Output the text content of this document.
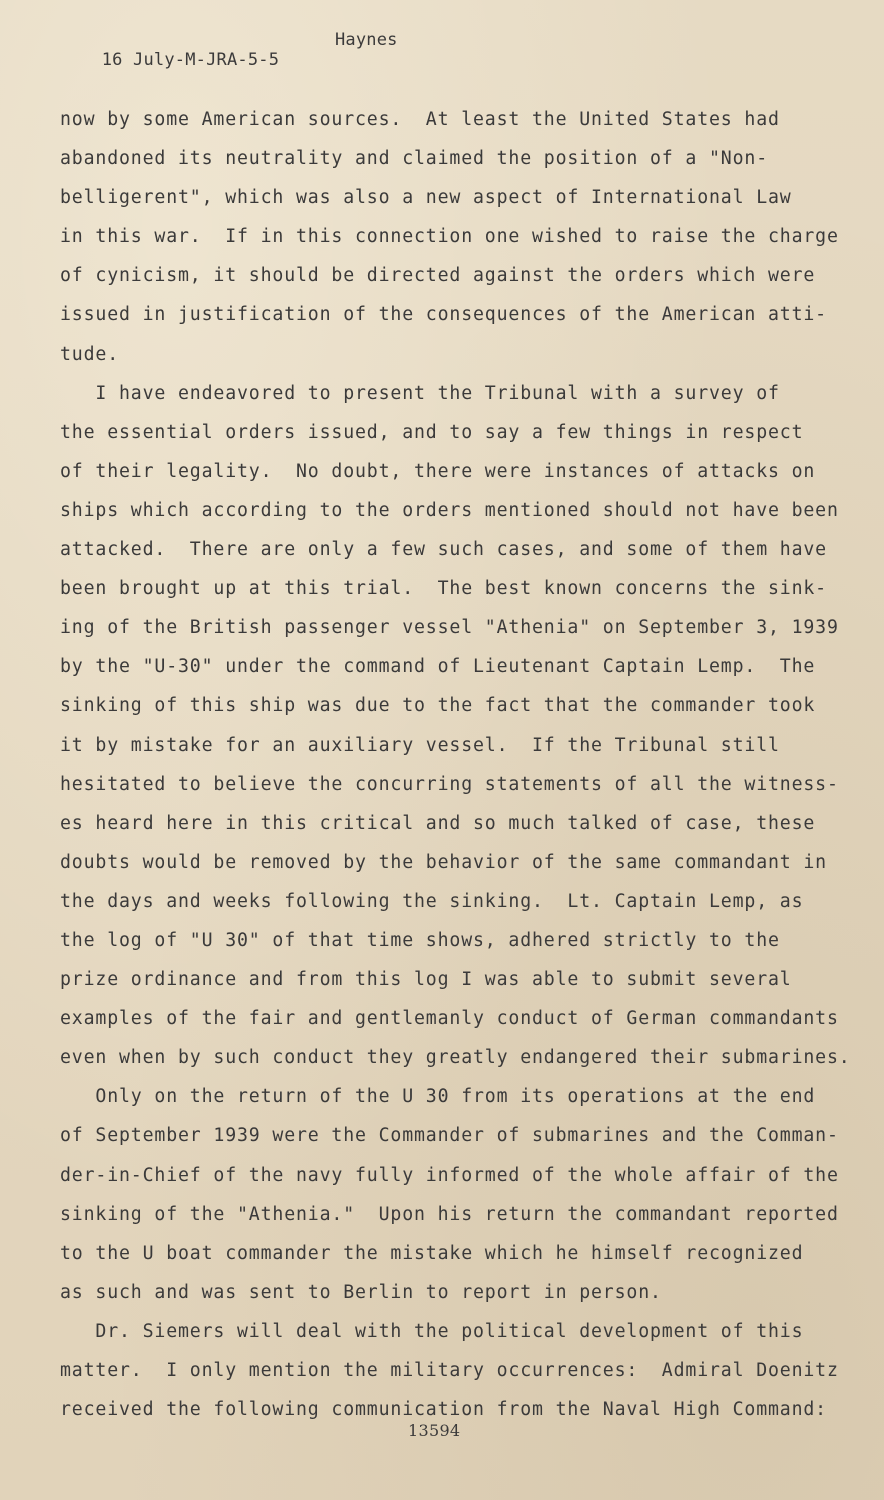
16 July-M-JRA-5-5

Haynes

now by some American sources.  At least the United States had
abandoned its neutrality and claimed the position of a "Non-
belligerent", which was also a new aspect of International Law
in this war.  If in this connection one wished to raise the charge
of cynicism, it should be directed against the orders which were
issued in justification of the consequences of the American atti-
tude.
I have endeavored to present the Tribunal with a survey of
the essential orders issued, and to say a few things in respect
of their legality.  No doubt, there were instances of attacks on
ships which according to the orders mentioned should not have been
attacked.  There are only a few such cases, and some of them have
been brought up at this trial.  The best known concerns the sink-
ing of the British passenger vessel "Athenia" on September 3, 1939
by the "U-30" under the command of Lieutenant Captain Lemp.  The
sinking of this ship was due to the fact that the commander took
it by mistake for an auxiliary vessel.  If the Tribunal still
hesitated to believe the concurring statements of all the witness-
es heard here in this critical and so much talked of case, these
doubts would be removed by the behavior of the same commandant in
the days and weeks following the sinking.  Lt. Captain Lemp, as
the log of "U 30" of that time shows, adhered strictly to the
prize ordinance and from this log I was able to submit several
examples of the fair and gentlemanly conduct of German commandants
even when by such conduct they greatly endangered their submarines.
Only on the return of the U 30 from its operations at the end
of September 1939 were the Commander of submarines and the Comman-
der-in-Chief of the navy fully informed of the whole affair of the
sinking of the "Athenia."  Upon his return the commandant reported
to the U boat commander the mistake which he himself recognized
as such and was sent to Berlin to report in person.
Dr. Siemers will deal with the political development of this
matter.  I only mention the military occurrences:  Admiral Doenitz
received the following communication from the Naval High Command:
13594
